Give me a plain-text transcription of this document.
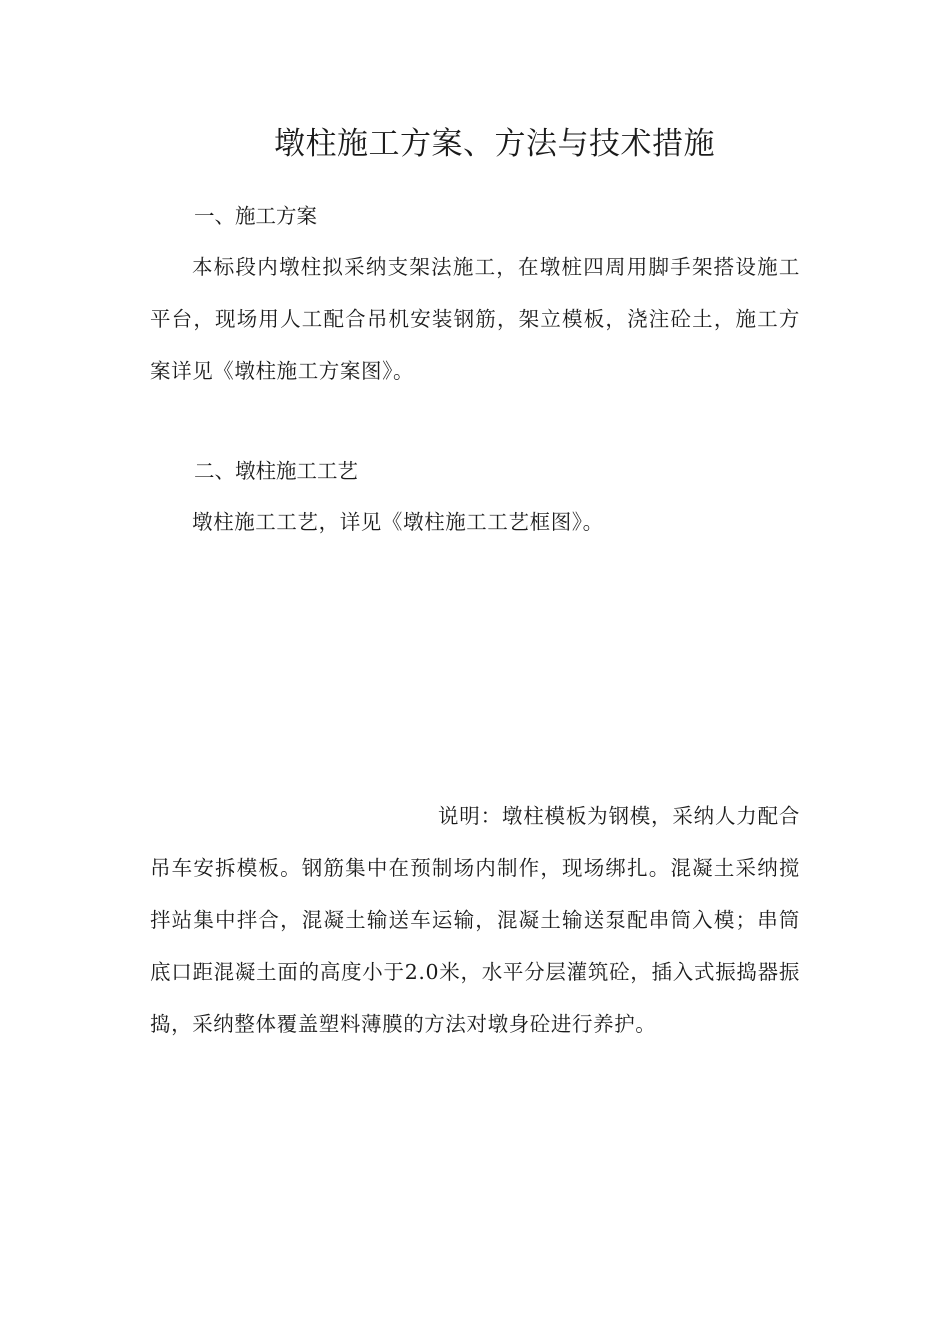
墩柱施工方案、方法与技术措施
一、施工方案
本标段内墩柱拟采纳支架法施工，在墩桩四周用脚手架搭设施工平台，现场用人工配合吊机安装钢筋，架立模板，浇注砼土，施工方案详见《墩柱施工方案图》。
二、墩柱施工工艺
墩柱施工工艺，详见《墩柱施工工艺框图》。
说明：墩柱模板为钢模，采纳人力配合吊车安拆模板。钢筋集中在预制场内制作，现场绑扎。混凝土采纳搅拌站集中拌合，混凝土输送车运输，混凝土输送泵配串筒入模；串筒底口距混凝土面的高度小于2.0米，水平分层灌筑砼，插入式振捣器振捣，采纳整体覆盖塑料薄膜的方法对墩身砼进行养护。
